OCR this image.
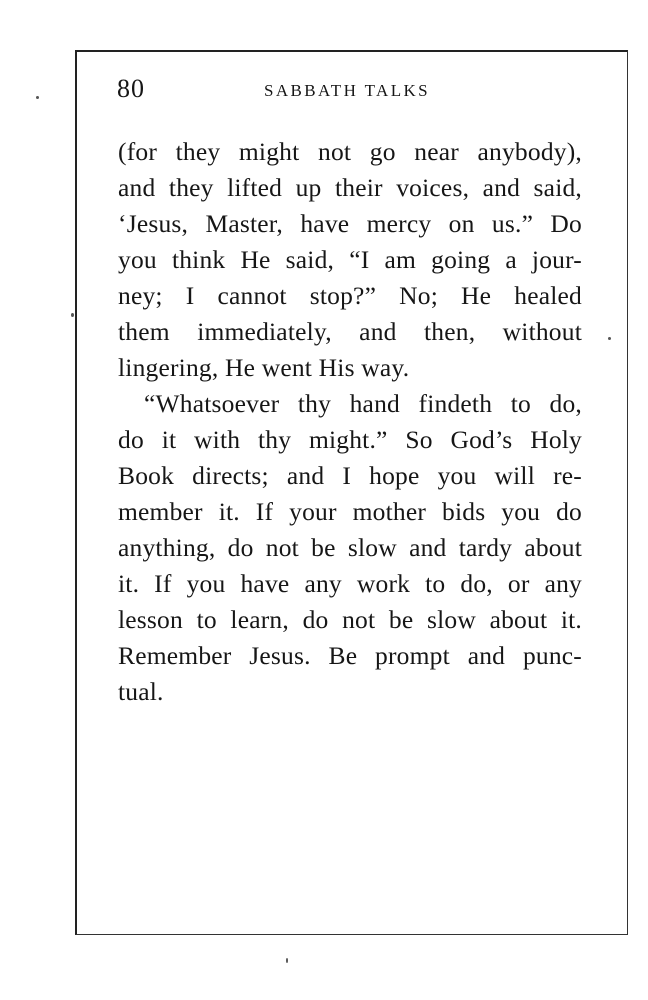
80	SABBATH TALKS
(for they might not go near anybody),
and they lifted up their voices, and said,
‘Jesus, Master, have mercy on us.” Do
you think He said, “I am going a jour-
ney; I cannot stop?” No; He healed
them immediately, and then, without
lingering, He went His way.
“Whatsoever thy hand findeth to do,
do it with thy might.” So God’s Holy
Book directs; and I hope you will re-
member it. If your mother bids you do
anything, do not be slow and tardy about
it. If you have any work to do, or any
lesson to learn, do not be slow about it.
Remember Jesus. Be prompt and punc-
tual.
